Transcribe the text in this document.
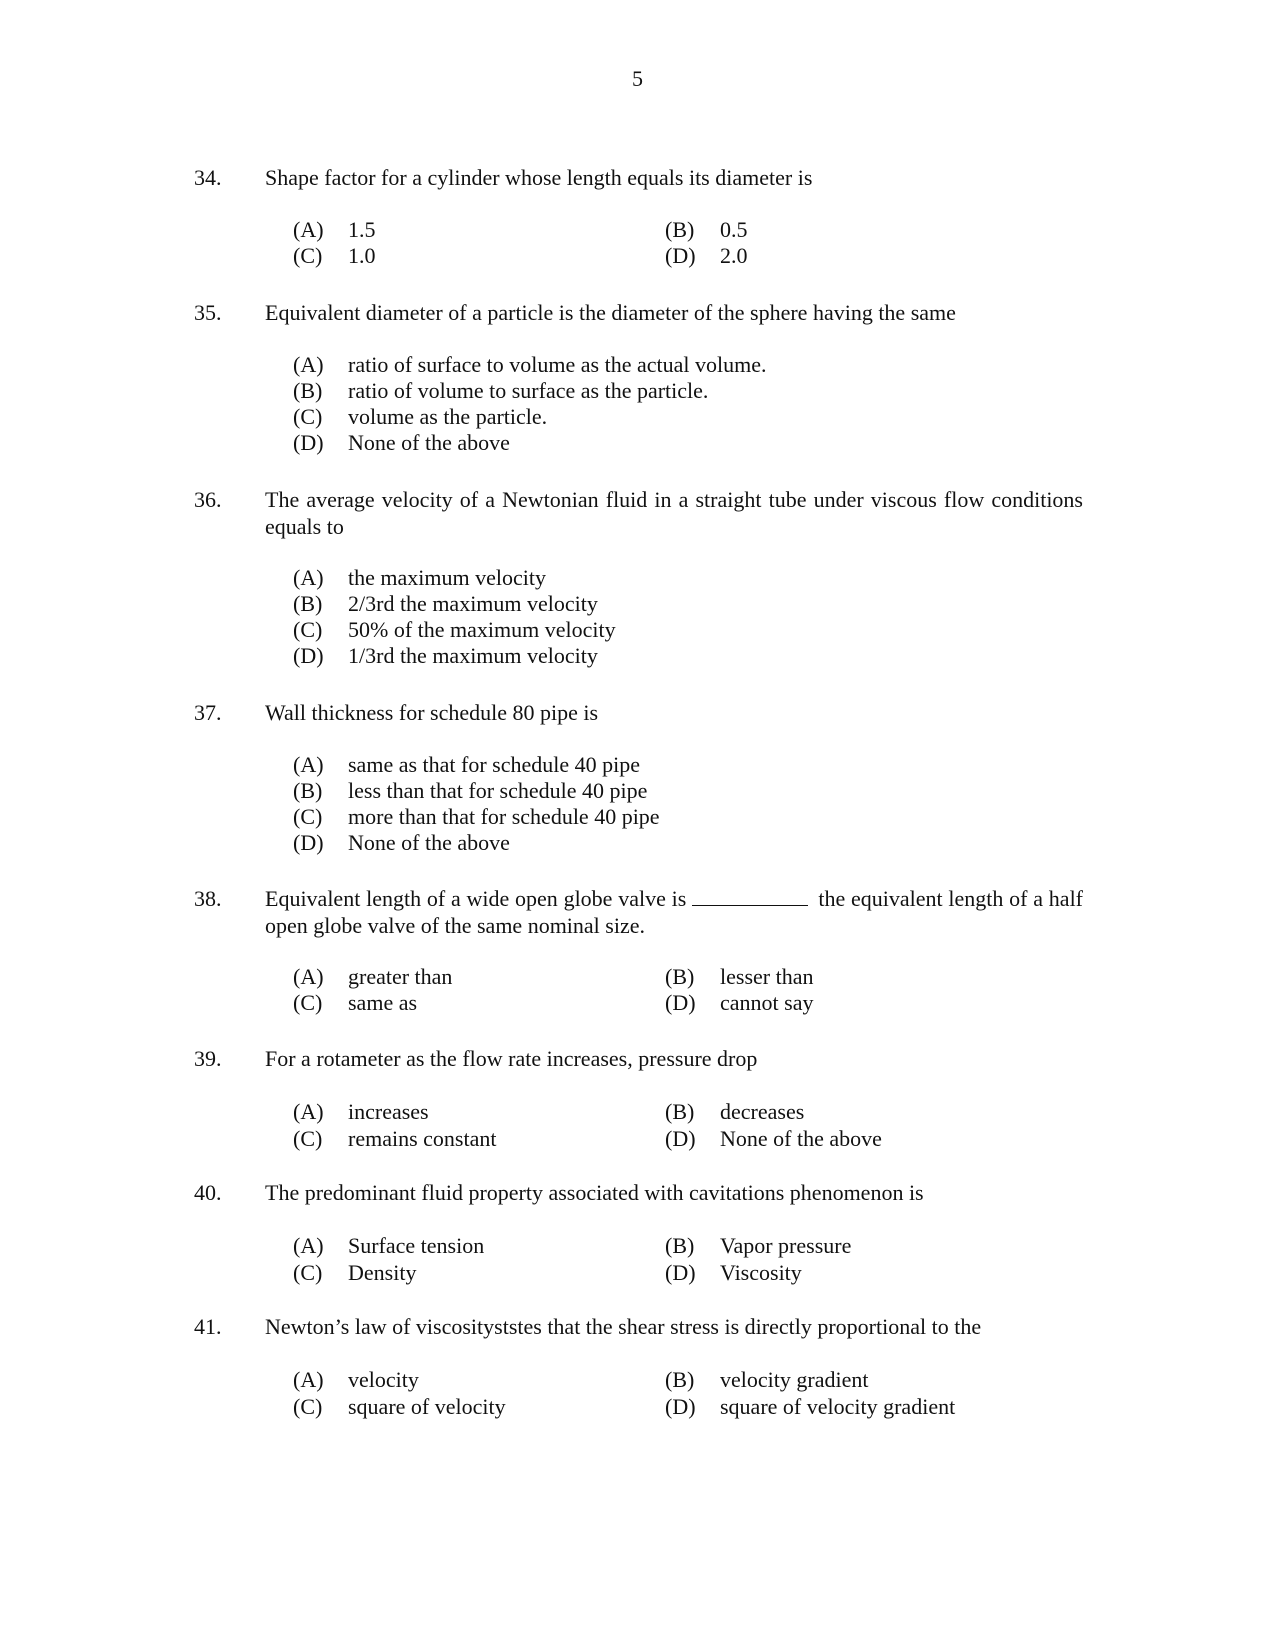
5
34. Shape factor for a cylinder whose length equals its diameter is
(A) 1.5	(B) 0.5
(C) 1.0	(D) 2.0
35. Equivalent diameter of a particle is the diameter of the sphere having the same
(A) ratio of surface to volume as the actual volume.
(B) ratio of volume to surface as the particle.
(C) volume as the particle.
(D) None of the above
36. The average velocity of a Newtonian fluid in a straight tube under viscous flow conditions equals to
(A) the maximum velocity
(B) 2/3rd the maximum velocity
(C) 50% of the maximum velocity
(D) 1/3rd the maximum velocity
37. Wall thickness for schedule 80 pipe is
(A) same as that for schedule 40 pipe
(B) less than that for schedule 40 pipe
(C) more than that for schedule 40 pipe
(D) None of the above
38. Equivalent length of a wide open globe valve is	the equivalent length of a half open globe valve of the same nominal size.
(A) greater than	(B) lesser than
(C) same as	(D) cannot say
39. For a rotameter as the flow rate increases, pressure drop
(A) increases	(B) decreases
(C) remains constant	(D) None of the above
40. The predominant fluid property associated with cavitations phenomenon is
(A) Surface tension	(B) Vapor pressure
(C) Density	(D) Viscosity
41. Newton’s law of viscosityststes that the shear stress is directly proportional to the
(A) velocity	(B) velocity gradient
(C) square of velocity	(D) square of velocity gradient
